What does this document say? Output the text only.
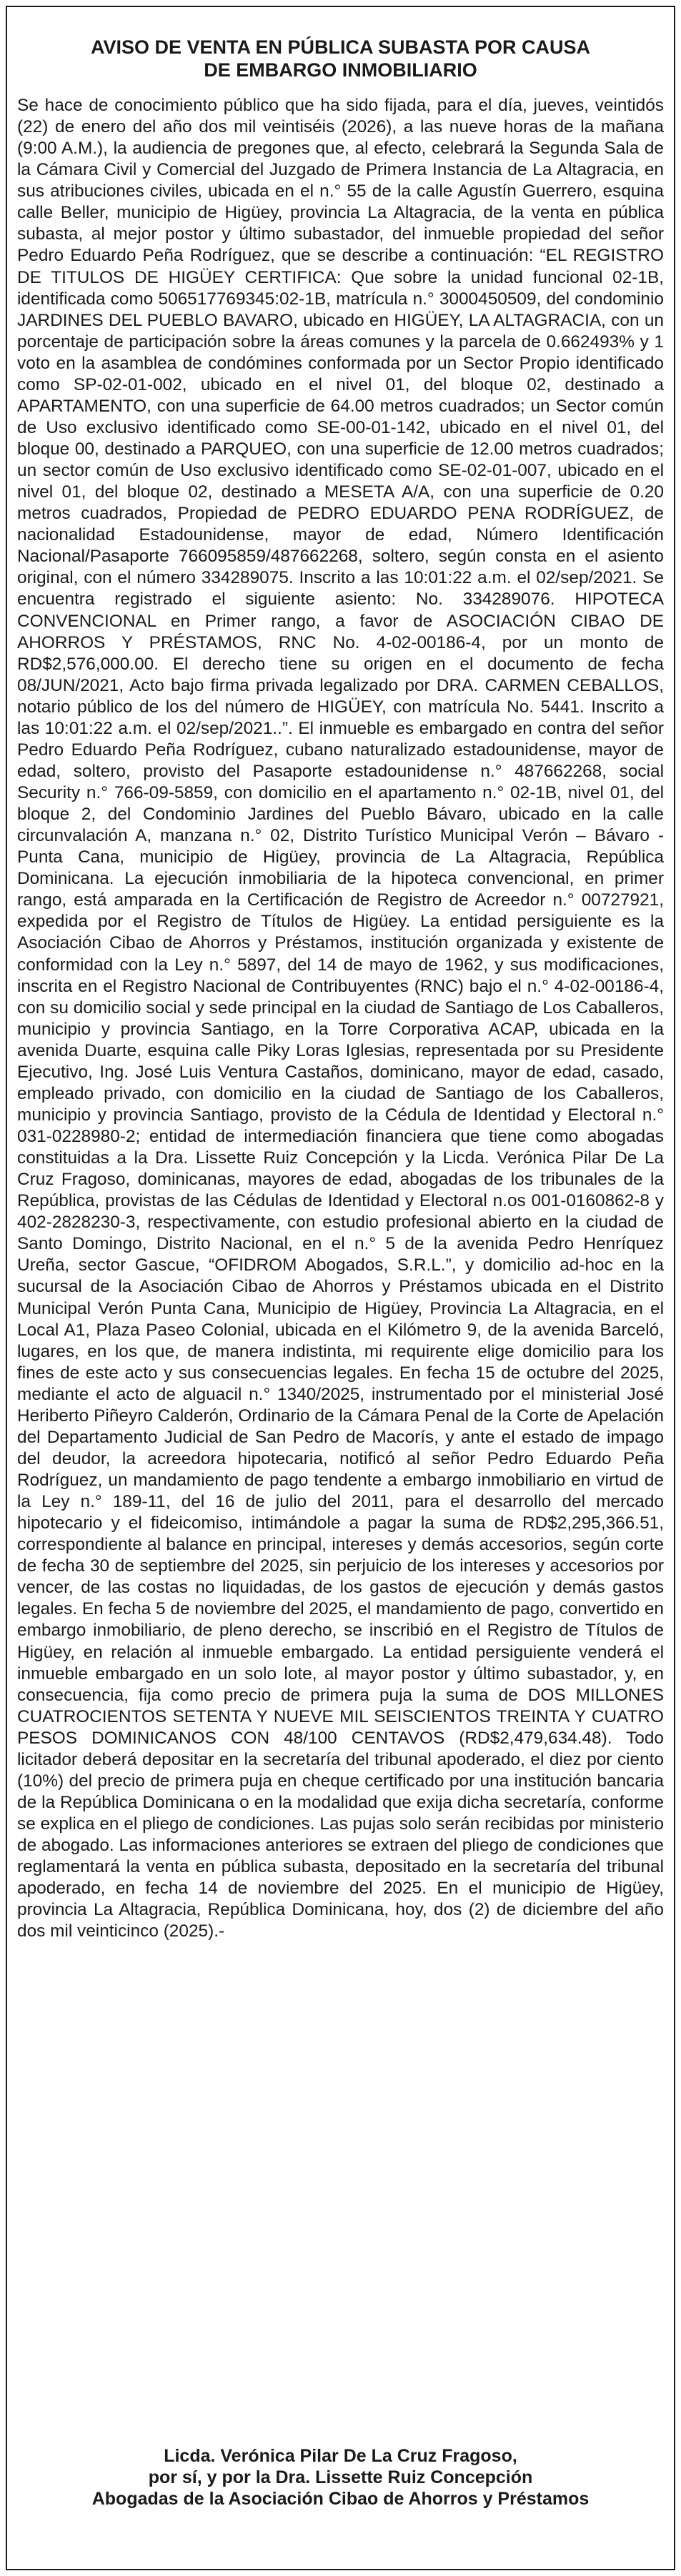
AVISO DE VENTA EN PÚBLICA SUBASTA POR CAUSA
DE EMBARGO INMOBILIARIO

Se hace de conocimiento público que ha sido fijada, para el día, jueves, veintidós (22) de enero del año dos mil veintiséis (2026), a las nueve horas de la mañana (9:00 A.M.), la audiencia de pregones que, al efecto, celebrará la Segunda Sala de la Cámara Civil y Comercial del Juzgado de Primera Instancia de La Altagracia, en sus atribuciones civiles, ubicada en el n.° 55 de la calle Agustín Guerrero, esquina calle Beller, municipio de Higüey, provincia La Altagracia, de la venta en pública subasta, al mejor postor y último subastador, del inmueble propiedad del señor Pedro Eduardo Peña Rodríguez, que se describe a continuación: “EL REGISTRO DE TITULOS DE HIGÜEY CERTIFICA: Que sobre la unidad funcional 02-1B, identificada como 506517769345:02-1B, matrícula n.° 3000450509, del condominio JARDINES DEL PUEBLO BAVARO, ubicado en HIGÜEY, LA ALTAGRACIA, con un porcentaje de participación sobre la áreas comunes y la parcela de 0.662493% y 1 voto en la asamblea de condómines conformada por un Sector Propio identificado como SP-02-01-002, ubicado en el nivel 01, del bloque 02, destinado a APARTAMENTO, con una superficie de 64.00 metros cuadrados; un Sector común de Uso exclusivo identificado como SE-00-01-142, ubicado en el nivel 01, del bloque 00, destinado a PARQUEO, con una superficie de 12.00 metros cuadrados; un sector común de Uso exclusivo identificado como SE-02-01-007, ubicado en el nivel 01, del bloque 02, destinado a MESETA A/A, con una superficie de 0.20 metros cuadrados, Propiedad de PEDRO EDUARDO PENA RODRÍGUEZ, de nacionalidad Estadounidense, mayor de edad, Número Identificación Nacional/Pasaporte 766095859/487662268, soltero, según consta en el asiento original, con el número 334289075. Inscrito a las 10:01:22 a.m. el 02/sep/2021. Se encuentra registrado el siguiente asiento: No. 334289076. HIPOTECA CONVENCIONAL en Primer rango, a favor de ASOCIACIÓN CIBAO DE AHORROS Y PRÉSTAMOS, RNC No. 4-02-00186-4, por un monto de RD$2,576,000.00. El derecho tiene su origen en el documento de fecha 08/JUN/2021, Acto bajo firma privada legalizado por DRA. CARMEN CEBALLOS, notario público de los del número de HIGÜEY, con matrícula No. 5441. Inscrito a las 10:01:22 a.m. el 02/sep/2021..”. El inmueble es embargado en contra del señor Pedro Eduardo Peña Rodríguez, cubano naturalizado estadounidense, mayor de edad, soltero, provisto del Pasaporte estadounidense n.° 487662268, social Security n.° 766-09-5859, con domicilio en el apartamento n.° 02-1B, nivel 01, del bloque 2, del Condominio Jardines del Pueblo Bávaro, ubicado en la calle circunvalación A, manzana n.° 02, Distrito Turístico Municipal Verón – Bávaro - Punta Cana, municipio de Higüey, provincia de La Altagracia, República Dominicana. La ejecución inmobiliaria de la hipoteca convencional, en primer rango, está amparada en la Certificación de Registro de Acreedor n.° 00727921, expedida por el Registro de Títulos de Higüey. La entidad persiguiente es la Asociación Cibao de Ahorros y Préstamos, institución organizada y existente de conformidad con la Ley n.° 5897, del 14 de mayo de 1962, y sus modificaciones, inscrita en el Registro Nacional de Contribuyentes (RNC) bajo el n.° 4-02-00186-4, con su domicilio social y sede principal en la ciudad de Santiago de Los Caballeros, municipio y provincia Santiago, en la Torre Corporativa ACAP, ubicada en la avenida Duarte, esquina calle Piky Loras Iglesias, representada por su Presidente Ejecutivo, Ing. José Luis Ventura Castaños, dominicano, mayor de edad, casado, empleado privado, con domicilio en la ciudad de Santiago de los Caballeros, municipio y provincia Santiago, provisto de la Cédula de Identidad y Electoral n.° 031-0228980-2; entidad de intermediación financiera que tiene como abogadas constituidas a la Dra. Lissette Ruiz Concepción y la Licda. Verónica Pilar De La Cruz Fragoso, dominicanas, mayores de edad, abogadas de los tribunales de la República, provistas de las Cédulas de Identidad y Electoral n.os 001-0160862-8 y 402-2828230-3, respectivamente, con estudio profesional abierto en la ciudad de Santo Domingo, Distrito Nacional, en el n.° 5 de la avenida Pedro Henríquez Ureña, sector Gascue, “OFIDROM Abogados, S.R.L.”, y domicilio ad-hoc en la sucursal de la Asociación Cibao de Ahorros y Préstamos ubicada en el Distrito Municipal Verón Punta Cana, Municipio de Higüey, Provincia La Altagracia, en el Local A1, Plaza Paseo Colonial, ubicada en el Kilómetro 9, de la avenida Barceló, lugares, en los que, de manera indistinta, mi requirente elige domicilio para los fines de este acto y sus consecuencias legales. En fecha 15 de octubre del 2025, mediante el acto de alguacil n.° 1340/2025, instrumentado por el ministerial José Heriberto Piñeyro Calderón, Ordinario de la Cámara Penal de la Corte de Apelación del Departamento Judicial de San Pedro de Macorís, y ante el estado de impago del deudor, la acreedora hipotecaria, notificó al señor Pedro Eduardo Peña Rodríguez, un mandamiento de pago tendente a embargo inmobiliario en virtud de la Ley n.° 189-11, del 16 de julio del 2011, para el desarrollo del mercado hipotecario y el fideicomiso, intimándole a pagar la suma de RD$2,295,366.51, correspondiente al balance en principal, intereses y demás accesorios, según corte de fecha 30 de septiembre del 2025, sin perjuicio de los intereses y accesorios por vencer, de las costas no liquidadas, de los gastos de ejecución y demás gastos legales. En fecha 5 de noviembre del 2025, el mandamiento de pago, convertido en embargo inmobiliario, de pleno derecho, se inscribió en el Registro de Títulos de Higüey, en relación al inmueble embargado. La entidad persiguiente venderá el inmueble embargado en un solo lote, al mayor postor y último subastador, y, en consecuencia, fija como precio de primera puja la suma de DOS MILLONES CUATROCIENTOS SETENTA Y NUEVE MIL SEISCIENTOS TREINTA Y CUATRO PESOS DOMINICANOS CON 48/100 CENTAVOS (RD$2,479,634.48). Todo licitador deberá depositar en la secretaría del tribunal apoderado, el diez por ciento (10%) del precio de primera puja en cheque certificado por una institución bancaria de la República Dominicana o en la modalidad que exija dicha secretaría, conforme se explica en el pliego de condiciones. Las pujas solo serán recibidas por ministerio de abogado. Las informaciones anteriores se extraen del pliego de condiciones que reglamentará la venta en pública subasta, depositado en la secretaría del tribunal apoderado, en fecha 14 de noviembre del 2025. En el municipio de Higüey, provincia La Altagracia, República Dominicana, hoy, dos (2) de diciembre del año dos mil veinticinco (2025).-

Licda. Verónica Pilar De La Cruz Fragoso,
por sí, y por la Dra. Lissette Ruiz Concepción
Abogadas de la Asociación Cibao de Ahorros y Préstamos
